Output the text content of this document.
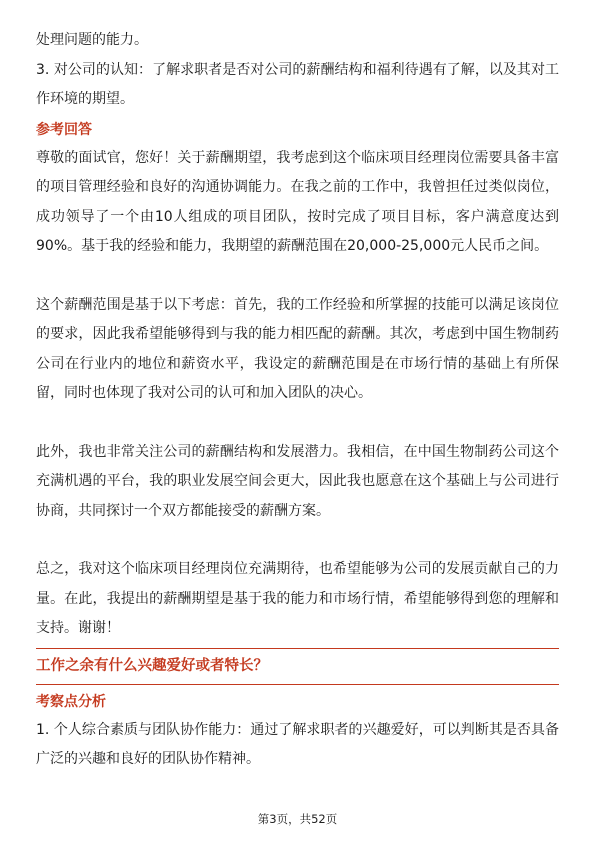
处理问题的能力。

3. 对公司的认知：了解求职者是否对公司的薪酬结构和福利待遇有了解，以及其对工作环境的期望。

参考回答

尊敬的面试官，您好！关于薪酬期望，我考虑到这个临床项目经理岗位需要具备丰富的项目管理经验和良好的沟通协调能力。在我之前的工作中，我曾担任过类似岗位，成功领导了一个由10人组成的项目团队，按时完成了项目目标，客户满意度达到90%。基于我的经验和能力，我期望的薪酬范围在20,000-25,000元人民币之间。

这个薪酬范围是基于以下考虑：首先，我的工作经验和所掌握的技能可以满足该岗位的要求，因此我希望能够得到与我的能力相匹配的薪酬。其次，考虑到中国生物制药公司在行业内的地位和薪资水平，我设定的薪酬范围是在市场行情的基础上有所保留，同时也体现了我对公司的认可和加入团队的决心。

此外，我也非常关注公司的薪酬结构和发展潜力。我相信，在中国生物制药公司这个充满机遇的平台，我的职业发展空间会更大，因此我也愿意在这个基础上与公司进行协商，共同探讨一个双方都能接受的薪酬方案。

总之，我对这个临床项目经理岗位充满期待，也希望能够为公司的发展贡献自己的力量。在此，我提出的薪酬期望是基于我的能力和市场行情，希望能够得到您的理解和支持。谢谢！

工作之余有什么兴趣爱好或者特长？

考察点分析

1. 个人综合素质与团队协作能力：通过了解求职者的兴趣爱好，可以判断其是否具备广泛的兴趣和良好的团队协作精神。

第3页，共52页
